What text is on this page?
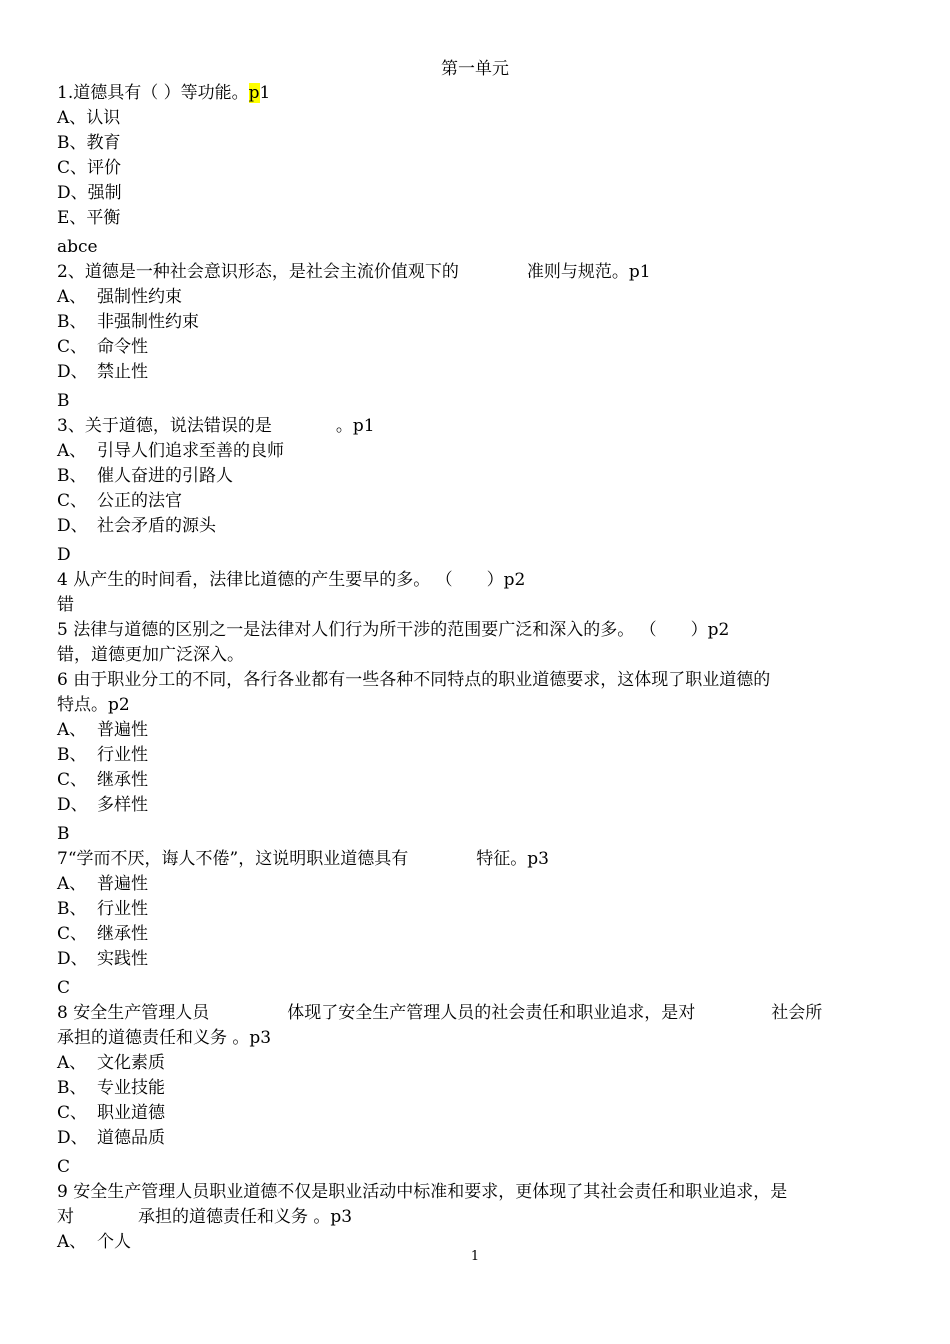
第一单元
1.道德具有（ ）等功能。p1
A、认识
B、教育
C、评价
D、强制
E、平衡
abce
2、道德是一种社会意识形态，是社会主流价值观下的	准则与规范。p1
A、 强制性约束
B、 非强制性约束
C、 命令性
D、 禁止性
B
3、关于道德，说法错误的是	。p1
A、 引导人们追求至善的良师
B、 催人奋进的引路人
C、 公正的法官
D、 社会矛盾的源头
D
4 从产生的时间看，法律比道德的产生要早的多。 （　　）p2
错
5 法律与道德的区别之一是法律对人们行为所干涉的范围要广泛和深入的多。 （　　）p2
错，道德更加广泛深入。
6 由于职业分工的不同，各行各业都有一些各种不同特点的职业道德要求，这体现了职业道德的
特点。p2
A、 普遍性
B、 行业性
C、 继承性
D、 多样性
B
7“学而不厌，诲人不倦”，这说明职业道德具有	特征。p3
A、 普遍性
B、 行业性
C、 继承性
D、 实践性
C
8 安全生产管理人员	体现了安全生产管理人员的社会责任和职业追求，是对	社会所
承担的道德责任和义务 。p3
A、 文化素质
B、 专业技能
C、 职业道德
D、 道德品质
C
9 安全生产管理人员职业道德不仅是职业活动中标准和要求，更体现了其社会责任和职业追求，是
对	承担的道德责任和义务 。p3
A、 个人
1
